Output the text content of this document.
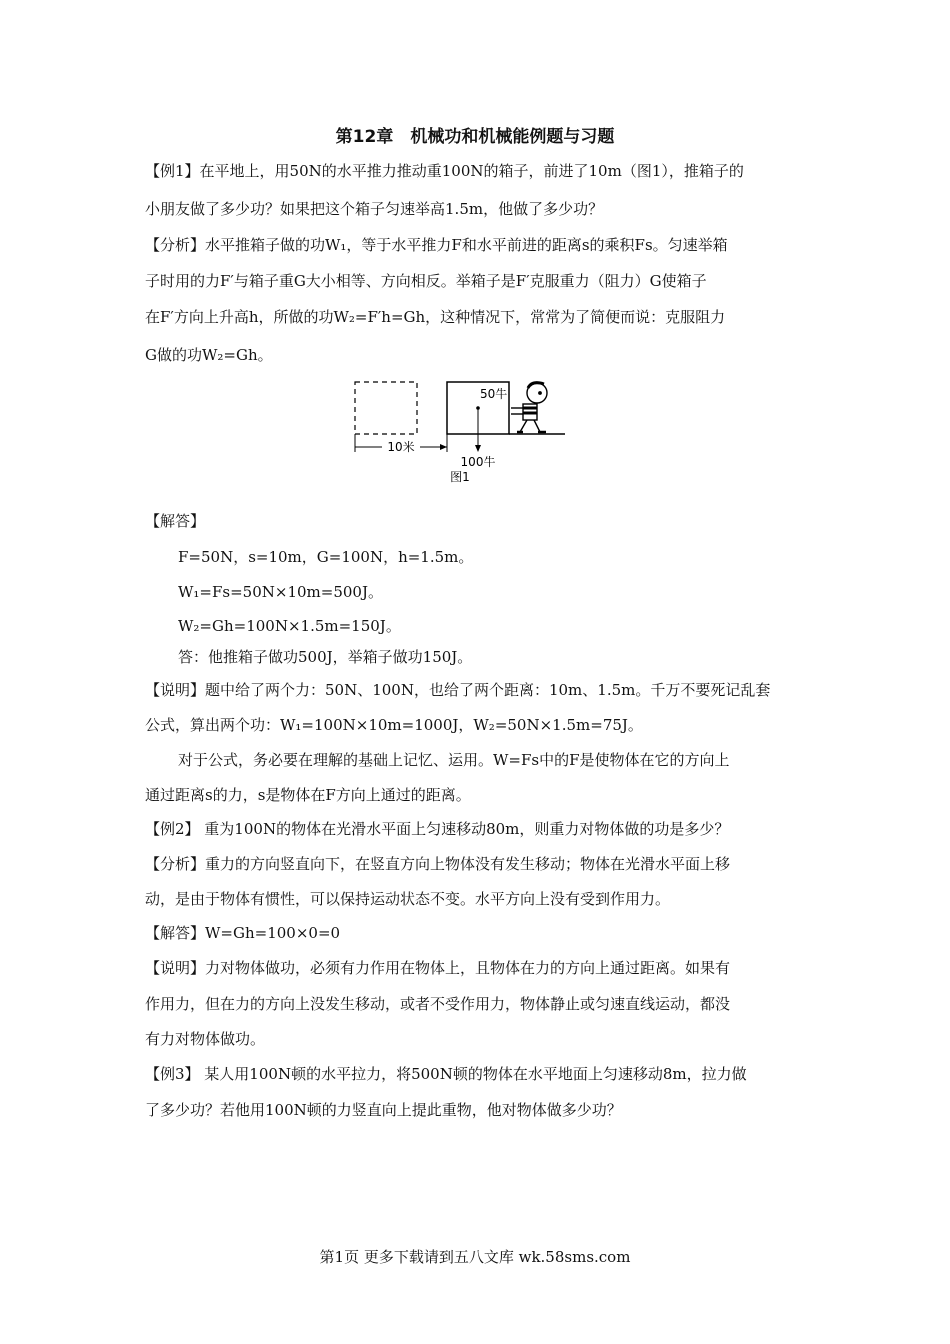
第12章　机械功和机械能例题与习题
【例1】在平地上，用50N的水平推力推动重100N的箱子，前进了10m（图1），推箱子的
小朋友做了多少功？如果把这个箱子匀速举高1.5m，他做了多少功？
【分析】水平推箱子做的功W₁，等于水平推力F和水平前进的距离s的乘积Fs。匀速举箱
子时用的力F′与箱子重G大小相等、方向相反。举箱子是F′克服重力（阻力）G使箱子
在F′方向上升高h，所做的功W₂=F′h=Gh，这种情况下，常常为了简便而说：克服阻力
G做的功W₂=Gh。
10米
100牛
50牛
图1
【解答】
F=50N，s=10m，G=100N，h=1.5m。
W₁=Fs=50N×10m=500J。
W₂=Gh=100N×1.5m=150J。
答：他推箱子做功500J，举箱子做功150J。
【说明】题中给了两个力：50N、100N，也给了两个距离：10m、1.5m。千万不要死记乱套
公式，算出两个功：W₁=100N×10m=1000J，W₂=50N×1.5m=75J。
对于公式，务必要在理解的基础上记忆、运用。W=Fs中的F是使物体在它的方向上
通过距离s的力，s是物体在F方向上通过的距离。
【例2】 重为100N的物体在光滑水平面上匀速移动80m，则重力对物体做的功是多少？
【分析】重力的方向竖直向下，在竖直方向上物体没有发生移动；物体在光滑水平面上移
动，是由于物体有惯性，可以保持运动状态不变。水平方向上没有受到作用力。
【解答】W=Gh=100×0=0
【说明】力对物体做功，必须有力作用在物体上，且物体在力的方向上通过距离。如果有
作用力，但在力的方向上没发生移动，或者不受作用力，物体静止或匀速直线运动，都没
有力对物体做功。
【例3】 某人用100N顿的水平拉力，将500N顿的物体在水平地面上匀速移动8m，拉力做
了多少功？若他用100N顿的力竖直向上提此重物，他对物体做多少功？
第1页 更多下载请到五八文库 wk.58sms.com
